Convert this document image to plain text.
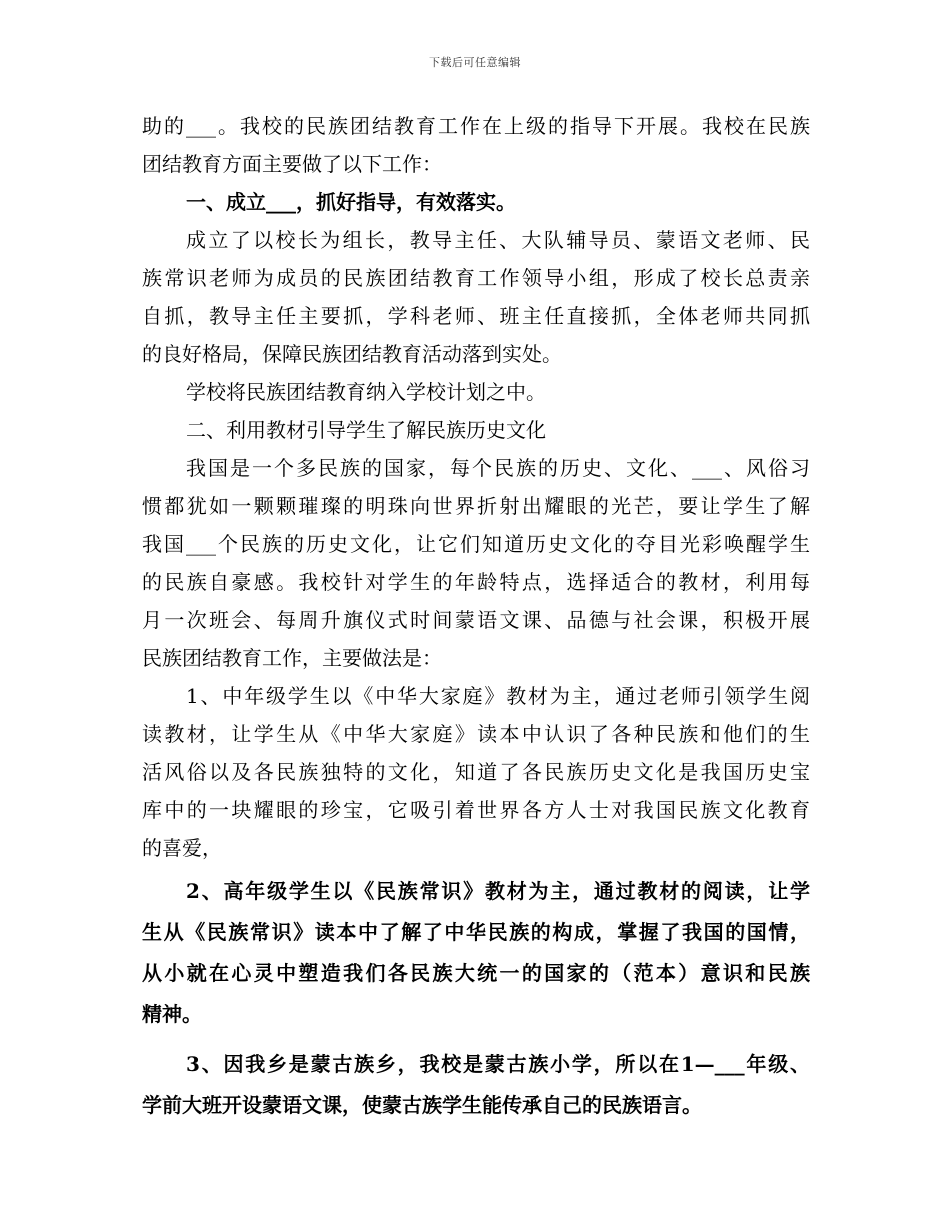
下载后可任意编辑
助的___。我校的民族团结教育工作在上级的指导下开展。我校在民族
团结教育方面主要做了以下工作：
一、成立___，抓好指导，有效落实。
成立了以校长为组长，教导主任、大队辅导员、蒙语文老师、民
族常识老师为成员的民族团结教育工作领导小组，形成了校长总责亲
自抓，教导主任主要抓，学科老师、班主任直接抓，全体老师共同抓
的良好格局，保障民族团结教育活动落到实处。
学校将民族团结教育纳入学校计划之中。
二、利用教材引导学生了解民族历史文化
我国是一个多民族的国家，每个民族的历史、文化、___、风俗习
惯都犹如一颗颗璀璨的明珠向世界折射出耀眼的光芒，要让学生了解
我国___个民族的历史文化，让它们知道历史文化的夺目光彩唤醒学生
的民族自豪感。我校针对学生的年龄特点，选择适合的教材，利用每
月一次班会、每周升旗仪式时间蒙语文课、品德与社会课，积极开展
民族团结教育工作，主要做法是：
1、中年级学生以《中华大家庭》教材为主，通过老师引领学生阅
读教材，让学生从《中华大家庭》读本中认识了各种民族和他们的生
活风俗以及各民族独特的文化，知道了各民族历史文化是我国历史宝
库中的一块耀眼的珍宝，它吸引着世界各方人士对我国民族文化教育
的喜爱，
2、高年级学生以《民族常识》教材为主，通过教材的阅读，让学
生从《民族常识》读本中了解了中华民族的构成，掌握了我国的国情，
从小就在心灵中塑造我们各民族大统一的国家的（范本）意识和民族
精神。
3、因我乡是蒙古族乡，我校是蒙古族小学，所以在1—___年级、
学前大班开设蒙语文课，使蒙古族学生能传承自己的民族语言。
